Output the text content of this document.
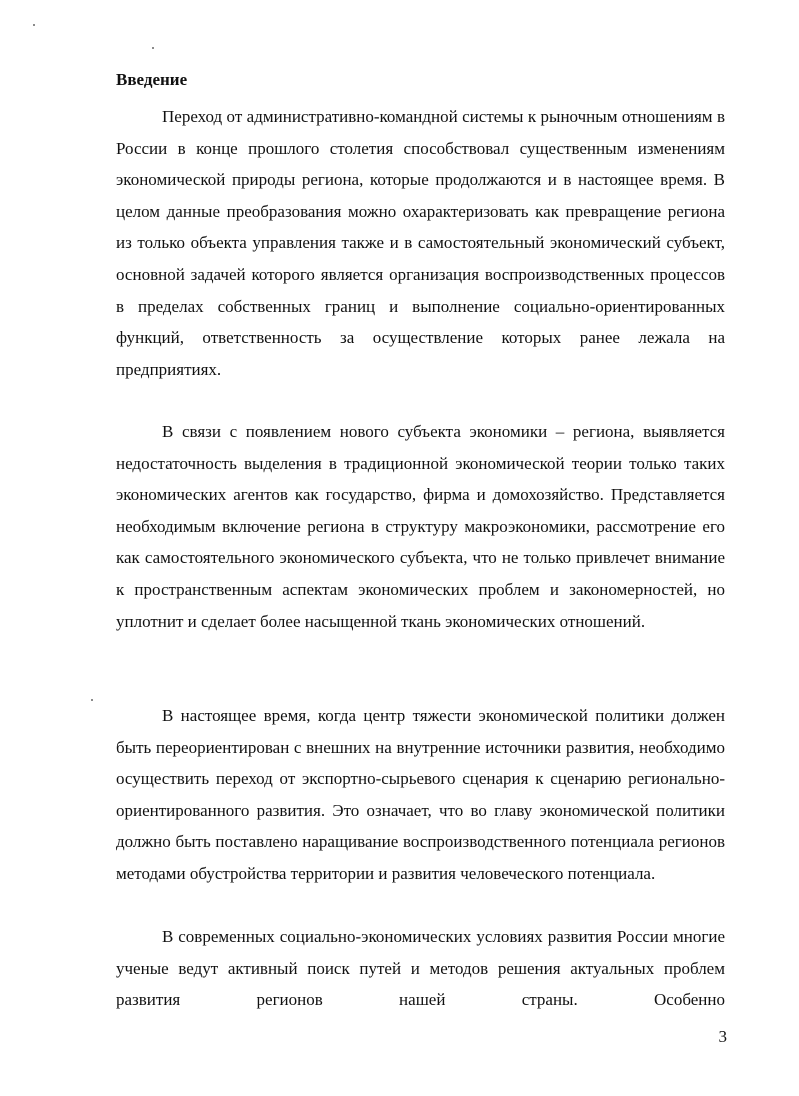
Введение

Переход от административно-командной системы к рыночным отношениям в России в конце прошлого столетия способствовал существенным изменениям экономической природы региона, которые продолжаются и в настоящее время. В целом данные преобразования можно охарактеризовать как превращение региона из только объекта управления также и в самостоятельный экономический субъект, основной задачей которого является организация воспроизводственных процессов в пределах собственных границ и выполнение социально-ориентированных функций, ответственность за осуществление которых ранее лежала на предприятиях.

В связи с появлением нового субъекта экономики – региона, выявляется недостаточность выделения в традиционной экономической теории только таких экономических агентов как государство, фирма и домохозяйство. Представляется необходимым включение региона в структуру макроэкономики, рассмотрение его как самостоятельного экономического субъекта, что не только привлечет внимание к пространственным аспектам экономических проблем и закономерностей, но уплотнит и сделает более насыщенной ткань экономических отношений.

В настоящее время, когда центр тяжести экономической политики должен быть переориентирован с внешних на внутренние источники развития, необходимо осуществить переход от экспортно-сырьевого сценария к сценарию регионально-ориентированного развития. Это означает, что во главу экономической политики должно быть поставлено наращивание воспроизводственного потенциала регионов методами обустройства территории и развития человеческого потенциала.

В современных социально-экономических условиях развития России многие ученые ведут активный поиск путей и методов решения актуальных проблем развития регионов нашей страны. Особенно

3
